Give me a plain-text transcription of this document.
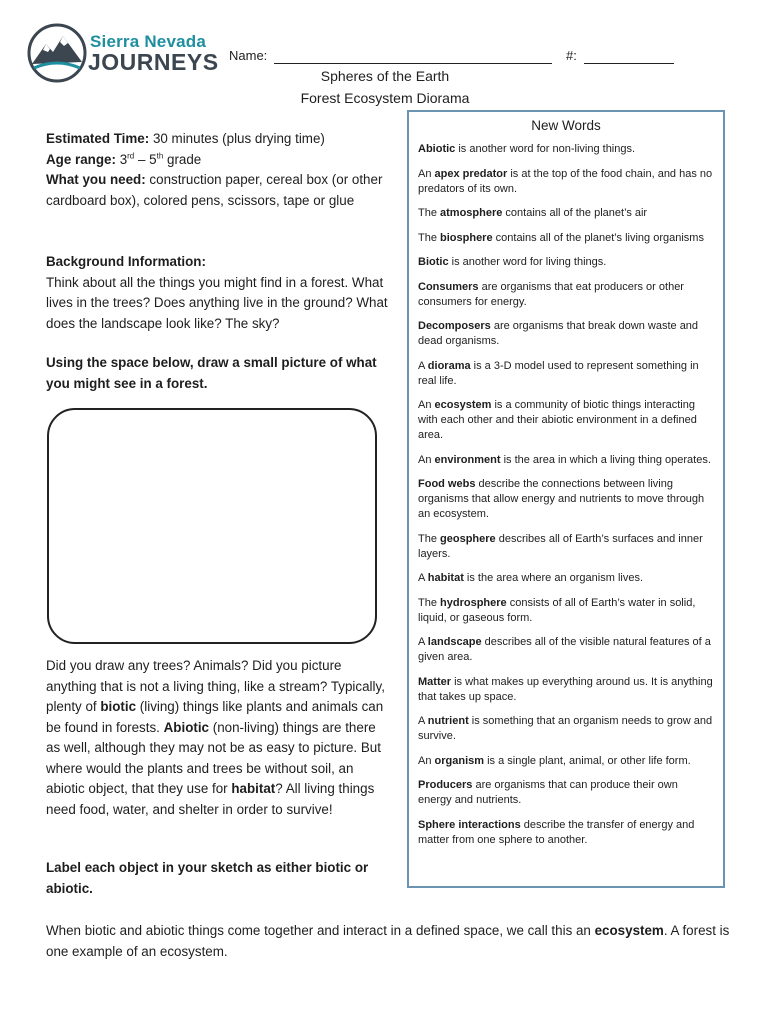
Sierra Nevada
JOURNEYS Name:	#:
Spheres of the Earth
Forest Ecosystem Diorama

Estimated Time: 30 minutes (plus drying time)

Age range: 3rd – 5th grade

What you need: construction paper, cereal box (or other cardboard box), colored pens, scissors, tape or glue

Background Information:

Think about all the things you might find in a forest. What lives in the trees? Does anything live in the ground? What does the landscape look like? The sky?

Using the space below, draw a small picture of what you might see in a forest.

Did you draw any trees? Animals? Did you picture anything that is not a living thing, like a stream? Typically, plenty of biotic (living) things like plants and animals can be found in forests. Abiotic (non-living) things are there as well, although they may not be as easy to picture. But where would the plants and trees be without soil, an abiotic object, that they use for habitat? All living things need food, water, and shelter in order to survive!

Label each object in your sketch as either biotic or abiotic.
When biotic and abiotic things come together and interact in a defined space, we call this an ecosystem. A forest is one example of an ecosystem.
New Words
Abiotic is another word for non-living things.
An apex predator is at the top of the food chain, and has no predators of its own.
The atmosphere contains all of the planet’s air
The biosphere contains all of the planet’s living organisms
Biotic is another word for living things.
Consumers are organisms that eat producers or other consumers for energy.
Decomposers are organisms that break down waste and dead organisms.
A diorama is a 3-D model used to represent something in real life.
An ecosystem is a community of biotic things interacting with each other and their abiotic environment in a defined area.
An environment is the area in which a living thing operates.
Food webs describe the connections between living organisms that allow energy and nutrients to move through an ecosystem.
The geosphere describes all of Earth’s surfaces and inner layers.
A habitat is the area where an organism lives.
The hydrosphere consists of all of Earth’s water in solid, liquid, or gaseous form.
A landscape describes all of the visible natural features of a given area.
Matter is what makes up everything around us. It is anything that takes up space.
A nutrient is something that an organism needs to grow and survive.
An organism is a single plant, animal, or other life form.
Producers are organisms that can produce their own energy and nutrients.
Sphere interactions describe the transfer of energy and matter from one sphere to another.
